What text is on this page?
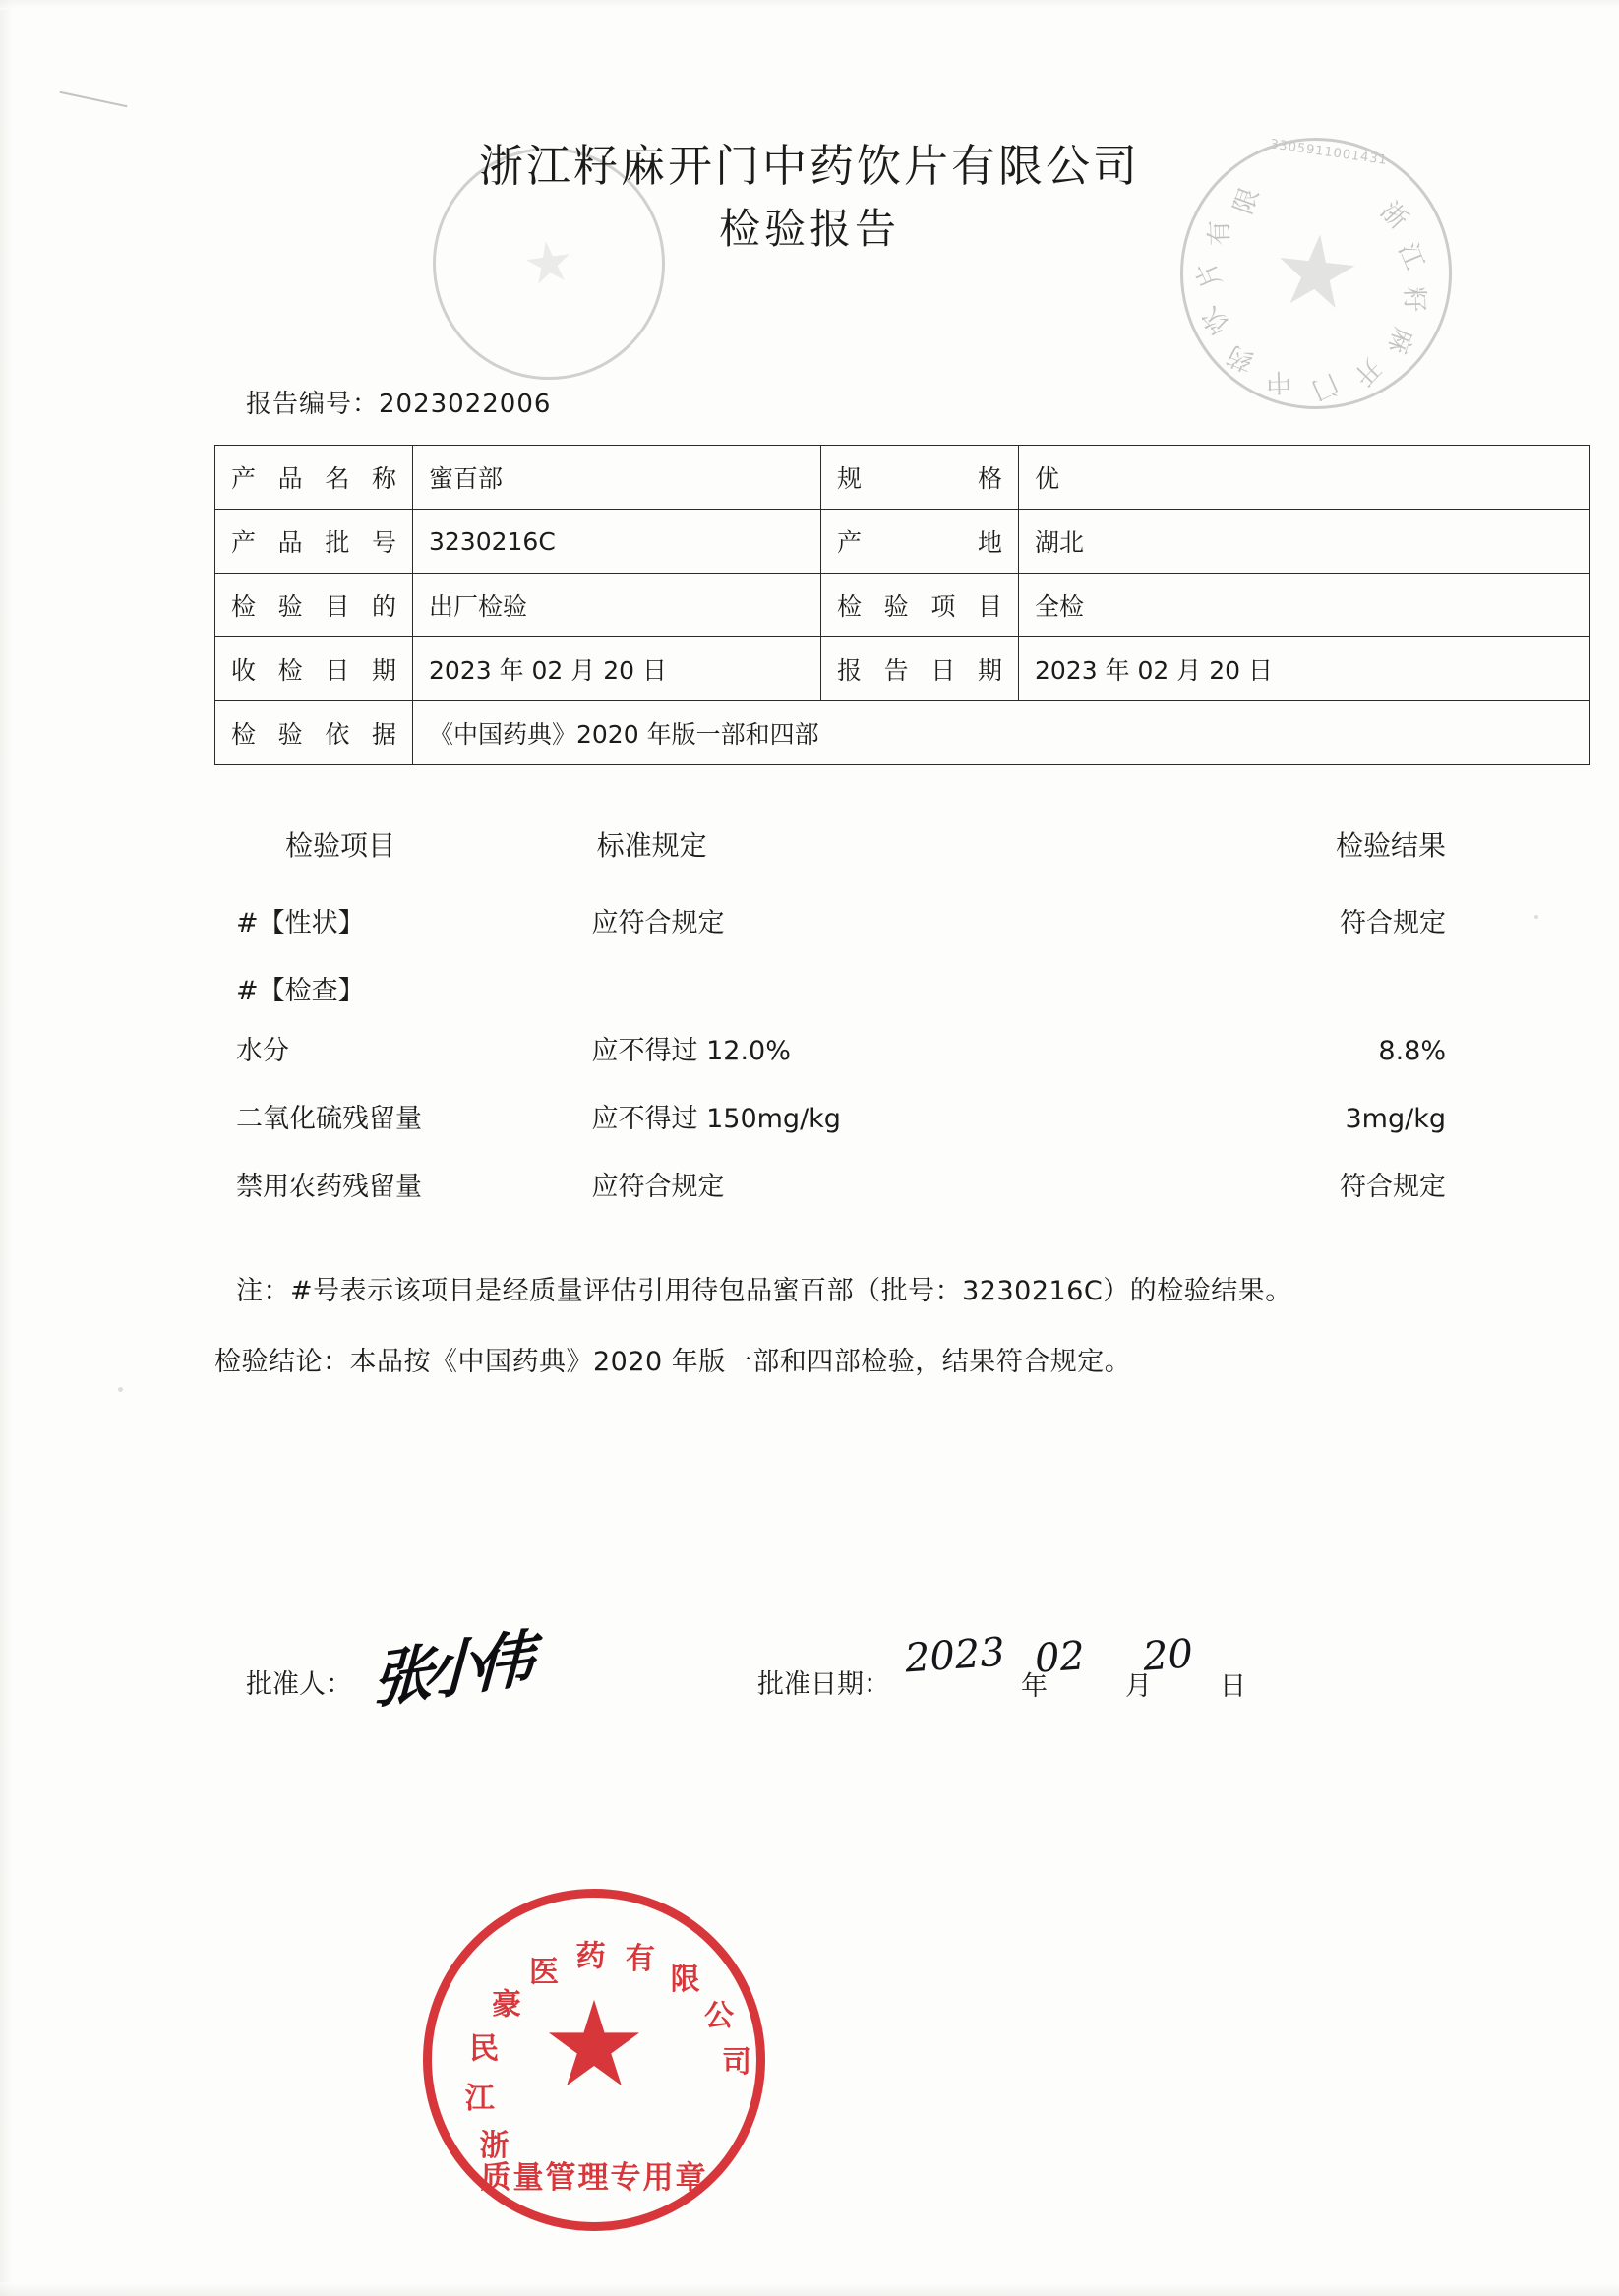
3305911001431
浙
江
籽
麻
开
门
中
药
饮
片
有
限
浙江籽麻开门中药饮片有限公司
检验报告
报告编号：2023022006
产品名称	蜜百部	规　　格	优
产品批号	3230216C	产　　地	湖北
检验目的	出厂检验	检验项目	全检
收检日期	2023 年 02 月 20 日	报告日期	2023 年 02 月 20 日
检验依据	《中国药典》2020 年版一部和四部		
检验项目	标准规定	检验结果
#【性状】	应符合规定	符合规定
#【检查】
水分	应不得过 12.0%	8.8%
二氧化硫残留量	应不得过 150mg/kg	3mg/kg
禁用农药残留量	应符合规定	符合规定
注：#号表示该项目是经质量评估引用待包品蜜百部（批号：3230216C）的检验结果。
检验结论：本品按《中国药典》2020 年版一部和四部检验，结果符合规定。
批准人： 张小伟	批准日期：
2023
年
02
月
20
日
浙
江
民
豪
医 药 有
限
公
司
质量管理专用章
